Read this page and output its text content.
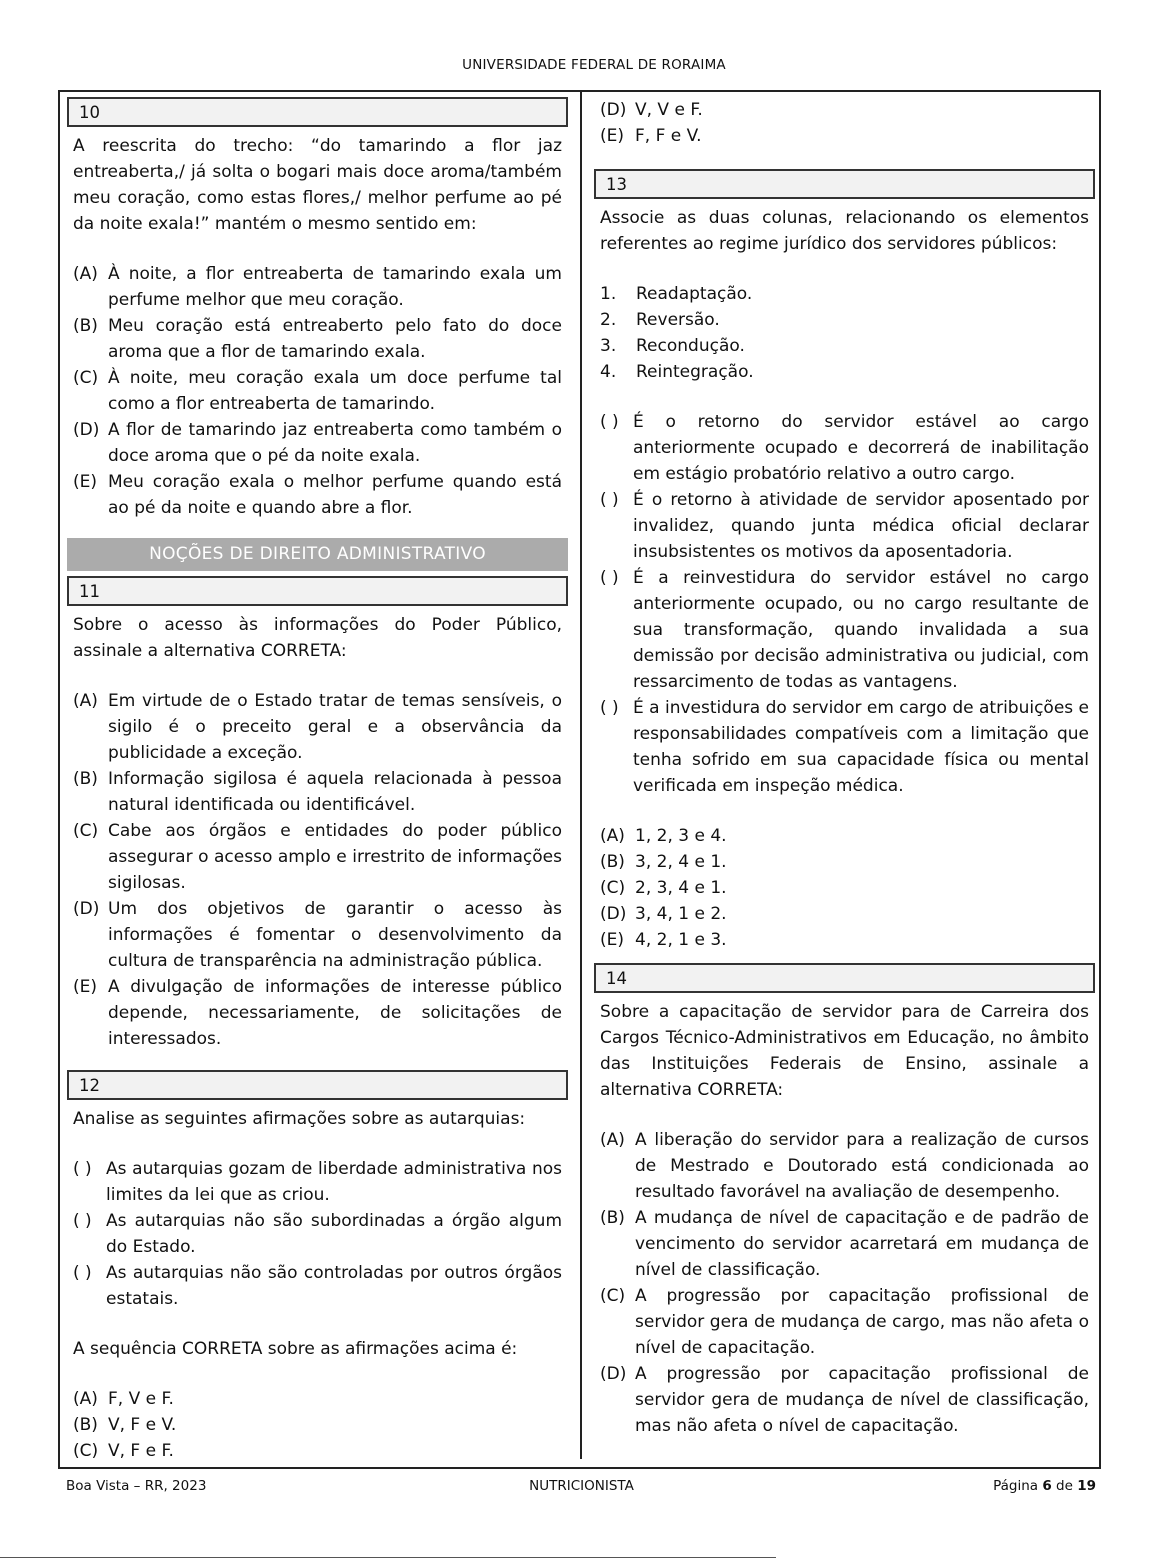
UNIVERSIDADE FEDERAL DE RORAIMA
10

A reescrita do trecho: “do tamarindo a flor jaz entreaberta,/ já solta o bogari mais doce aroma/também meu coração, como estas flores,/ melhor perfume ao pé da noite exala!” mantém o mesmo sentido em:

(A) À noite, a flor entreaberta de tamarindo exala um perfume melhor que meu coração.
(B) Meu coração está entreaberto pelo fato do doce aroma que a flor de tamarindo exala.
(C) À noite, meu coração exala um doce perfume tal como a flor entreaberta de tamarindo.
(D) A flor de tamarindo jaz entreaberta como também o doce aroma que o pé da noite exala.
(E) Meu coração exala o melhor perfume quando está ao pé da noite e quando abre a flor.
NOÇÕES DE DIREITO ADMINISTRATIVO
11

Sobre o acesso às informações do Poder Público, assinale a alternativa CORRETA:

(A) Em virtude de o Estado tratar de temas sensíveis, o sigilo é o preceito geral e a observância da publicidade a exceção.
(B) Informação sigilosa é aquela relacionada à pessoa natural identificada ou identificável.
(C) Cabe aos órgãos e entidades do poder público assegurar o acesso amplo e irrestrito de informações sigilosas.
(D) Um dos objetivos de garantir o acesso às informações é fomentar o desenvolvimento da cultura de transparência na administração pública.
(E) A divulgação de informações de interesse público depende, necessariamente, de solicitações de interessados.
12

Analise as seguintes afirmações sobre as autarquias:

( ) As autarquias gozam de liberdade administrativa nos limites da lei que as criou.
( ) As autarquias não são subordinadas a órgão algum do Estado.
( ) As autarquias não são controladas por outros órgãos estatais.

A sequência CORRETA sobre as afirmações acima é:

(A) F, V e F.
(B) V, F e V.
(C) V, F e F.
(D) V, V e F.
(E) F, F e V.
13

Associe as duas colunas, relacionando os elementos referentes ao regime jurídico dos servidores públicos:

1.	Readaptação.
2.	Reversão.
3.	Recondução.
4.	Reintegração.
( ) É o retorno do servidor estável ao cargo anteriormente ocupado e decorrerá de inabilitação em estágio probatório relativo a outro cargo.
( ) É o retorno à atividade de servidor aposentado por invalidez, quando junta médica oficial declarar insubsistentes os motivos da aposentadoria.
( ) É a reinvestidura do servidor estável no cargo anteriormente ocupado, ou no cargo resultante de sua transformação, quando invalidada a sua demissão por decisão administrativa ou judicial, com ressarcimento de todas as vantagens.
( ) É a investidura do servidor em cargo de atribuições e responsabilidades compatíveis com a limitação que tenha sofrido em sua capacidade física ou mental verificada em inspeção médica.
(A) 1, 2, 3 e 4.
(B) 3, 2, 4 e 1.
(C) 2, 3, 4 e 1.
(D) 3, 4, 1 e 2.
(E) 4, 2, 1 e 3.
14

Sobre a capacitação de servidor para de Carreira dos Cargos Técnico-Administrativos em Educação, no âmbito das Instituições Federais de Ensino, assinale a alternativa CORRETA:

(A) A liberação do servidor para a realização de cursos de Mestrado e Doutorado está condicionada ao resultado favorável na avaliação de desempenho.
(B) A mudança de nível de capacitação e de padrão de vencimento do servidor acarretará em mudança de nível de classificação.
(C) A progressão por capacitação profissional de servidor gera de mudança de cargo, mas não afeta o nível de capacitação.
(D) A progressão por capacitação profissional de servidor gera de mudança de nível de classificação, mas não afeta o nível de capacitação.
Boa Vista – RR, 2023	NUTRICIONISTA	Página 6 de 19
